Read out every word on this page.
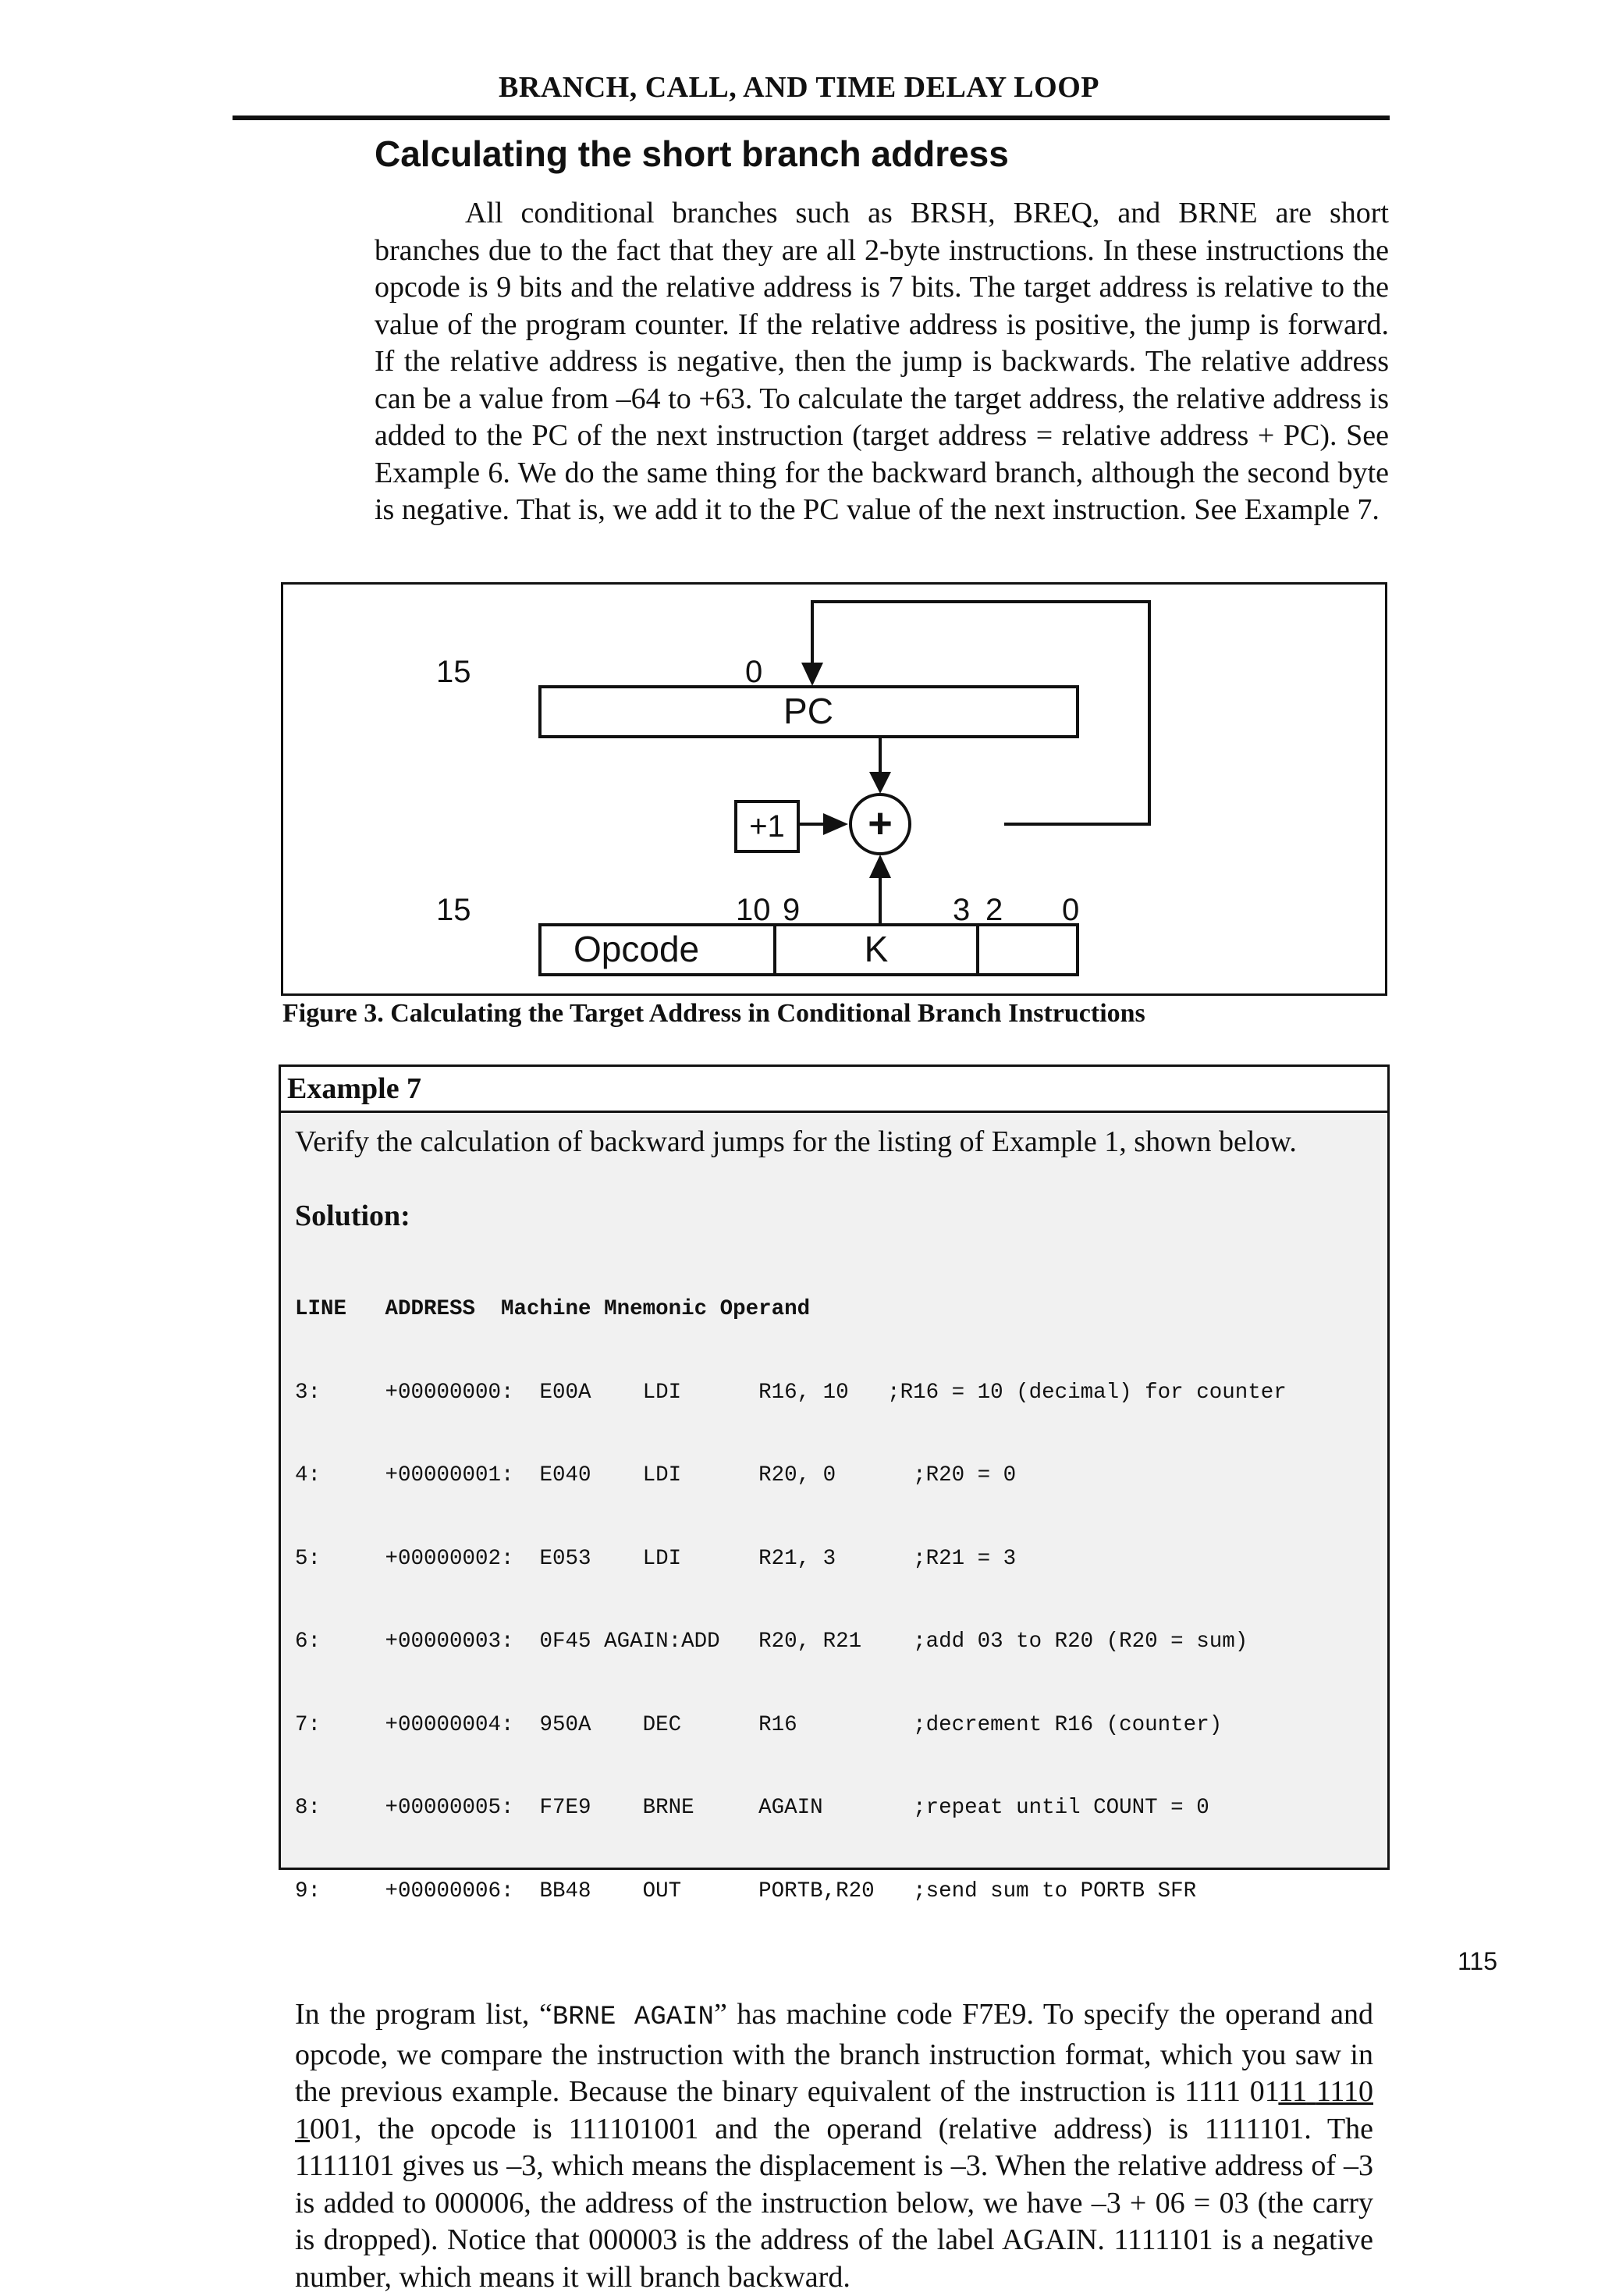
BRANCH, CALL, AND TIME DELAY LOOP
Calculating the short branch address

All conditional branches such as BRSH, BREQ, and BRNE are short branches due to the fact that they are all 2-byte instructions. In these instructions the opcode is 9 bits and the relative address is 7 bits. The target address is relative to the value of the program counter. If the relative address is positive, the jump is forward. If the relative address is negative, then the jump is backwards. The relative address can be a value from –64 to +63. To calculate the target address, the relative address is added to the PC of the next instruction (target address = relative address + PC). See Example 6. We do the same thing for the backward branch, although the second byte is negative. That is, we add it to the PC value of the next instruction. See Example 7.

15	0
PC
+1 +
15	10 9	3 2 0
Opcode	K
Figure 3. Calculating the Target Address in Conditional Branch Instructions
Example 7

Verify the calculation of backward jumps for the listing of Example 1, shown below.

Solution:

LINE   ADDRESS  Machine Mnemonic Operand

3:     +00000000:  E00A    LDI      R16, 10   ;R16 = 10 (decimal) for counter

4:     +00000001:  E040    LDI      R20, 0      ;R20 = 0

5:     +00000002:  E053    LDI      R21, 3      ;R21 = 3

6:     +00000003:  0F45 AGAIN:ADD   R20, R21    ;add 03 to R20 (R20 = sum)

7:     +00000004:  950A    DEC      R16         ;decrement R16 (counter)

8:     +00000005:  F7E9    BRNE     AGAIN       ;repeat until COUNT = 0

9:     +00000006:  BB48    OUT      PORTB,R20   ;send sum to PORTB SFR

In the program list, “BRNE AGAIN” has machine code F7E9. To specify the operand and opcode, we compare the instruction with the branch instruction format, which you saw in the previous example. Because the binary equivalent of the instruction is 1111 0111 1110 1001, the opcode is 111101001 and the operand (relative address) is 1111101. The 1111101 gives us –3, which means the displacement is –3. When the relative address of –3 is added to 000006, the address of the instruction below, we have –3 + 06 = 03 (the carry is dropped). Notice that 000003 is the address of the label AGAIN. 1111101 is a negative number, which means it will branch backward.

115
